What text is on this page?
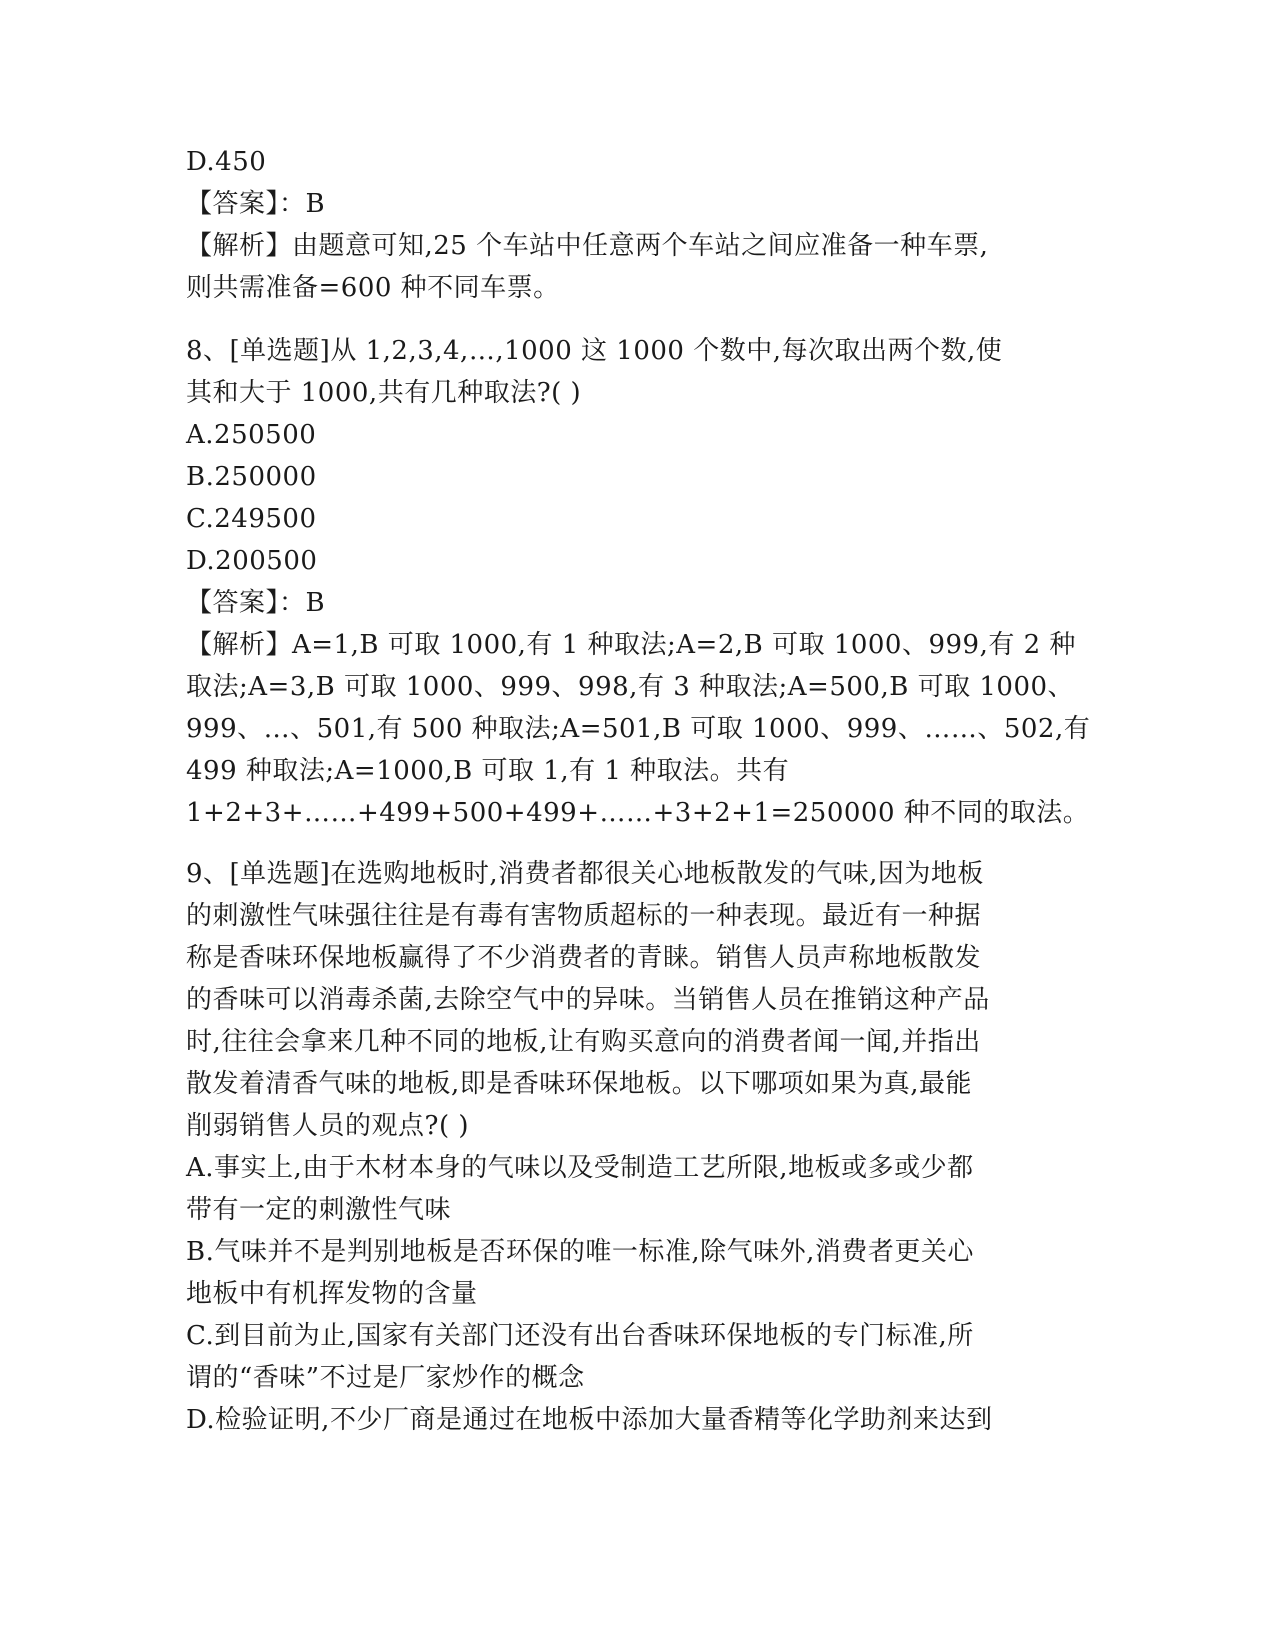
D.450
【答案】：B
【解析】由题意可知,25 个车站中任意两个车站之间应准备一种车票,
则共需准备=600 种不同车票。
8、[单选题]从 1,2,3,4,…,1000 这 1000 个数中,每次取出两个数,使
其和大于 1000,共有几种取法?( )
A.250500
B.250000
C.249500
D.200500
【答案】：B
【解析】A=1,B 可取 1000,有 1 种取法;A=2,B 可取 1000、999,有 2 种
取法;A=3,B 可取 1000、999、998,有 3 种取法;A=500,B 可取 1000、
999、…、501,有 500 种取法;A=501,B 可取 1000、999、……、502,有
499 种取法;A=1000,B 可取 1,有 1 种取法。共有
1+2+3+……+499+500+499+……+3+2+1=250000 种不同的取法。
9、[单选题]在选购地板时,消费者都很关心地板散发的气味,因为地板
的刺激性气味强往往是有毒有害物质超标的一种表现。最近有一种据
称是香味环保地板赢得了不少消费者的青睐。销售人员声称地板散发
的香味可以消毒杀菌,去除空气中的异味。当销售人员在推销这种产品
时,往往会拿来几种不同的地板,让有购买意向的消费者闻一闻,并指出
散发着清香气味的地板,即是香味环保地板。以下哪项如果为真,最能
削弱销售人员的观点?( )
A.事实上,由于木材本身的气味以及受制造工艺所限,地板或多或少都
带有一定的刺激性气味
B.气味并不是判别地板是否环保的唯一标准,除气味外,消费者更关心
地板中有机挥发物的含量
C.到目前为止,国家有关部门还没有出台香味环保地板的专门标准,所
谓的“香味”不过是厂家炒作的概念
D.检验证明,不少厂商是通过在地板中添加大量香精等化学助剂来达到
